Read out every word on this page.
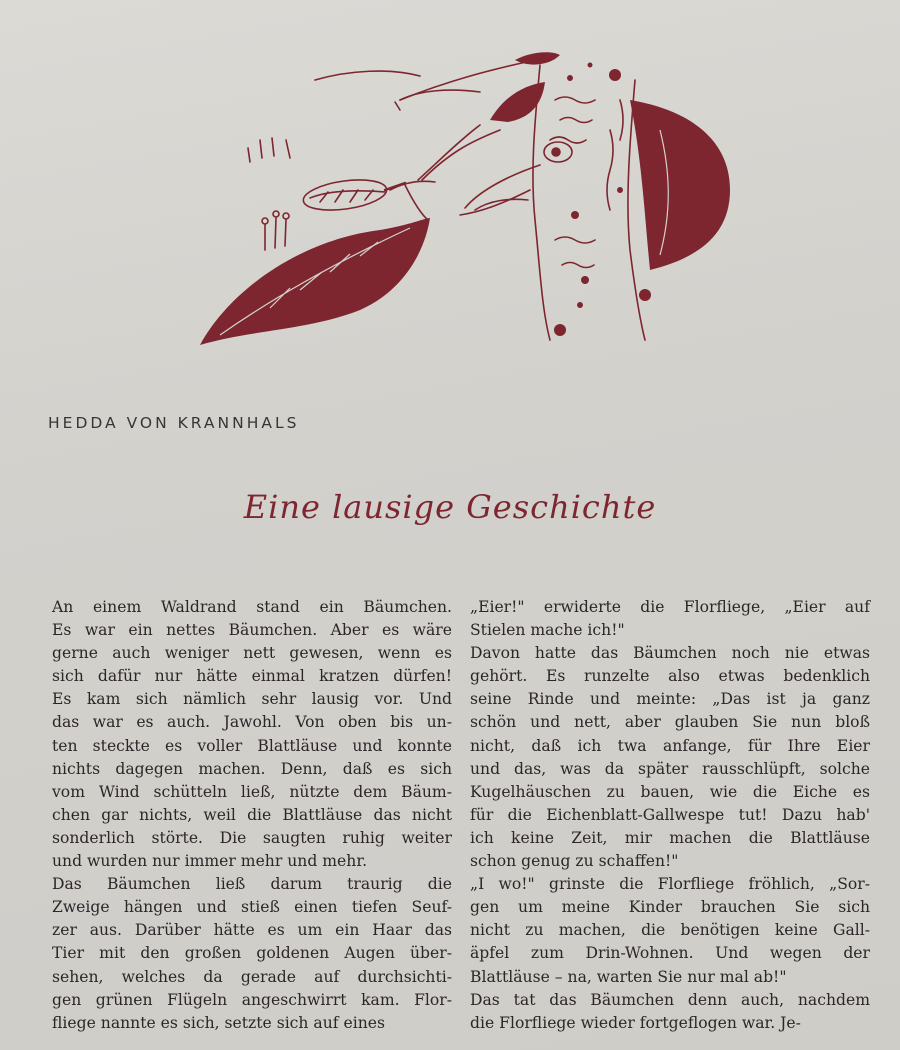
HEDDA VON KRANNHALS

Eine lausige Geschichte
An einem Waldrand stand ein Bäumchen.
Es war ein nettes Bäumchen. Aber es wäre
gerne auch weniger nett gewesen, wenn es
sich dafür nur hätte einmal kratzen dürfen!
Es kam sich nämlich sehr lausig vor. Und
das war es auch. Jawohl. Von oben bis un-
ten steckte es voller Blattläuse und konnte
nichts dagegen machen. Denn, daß es sich
vom Wind schütteln ließ, nützte dem Bäum-
chen gar nichts, weil die Blattläuse das nicht
sonderlich störte. Die saugten ruhig weiter
und wurden nur immer mehr und mehr.
Das Bäumchen ließ darum traurig die
Zweige hängen und stieß einen tiefen Seuf-
zer aus. Darüber hätte es um ein Haar das
Tier mit den großen goldenen Augen über-
sehen, welches da gerade auf durchsichti-
gen grünen Flügeln angeschwirrt kam. Flor-
fliege nannte es sich, setzte sich auf eines
„Eier!" erwiderte die Florfliege, „Eier auf
Stielen mache ich!"
Davon hatte das Bäumchen noch nie etwas
gehört. Es runzelte also etwas bedenklich
seine Rinde und meinte: „Das ist ja ganz
schön und nett, aber glauben Sie nun bloß
nicht, daß ich twa anfange, für Ihre Eier
und das, was da später rausschlüpft, solche
Kugelhäuschen zu bauen, wie die Eiche es
für die Eichenblatt-Gallwespe tut! Dazu hab'
ich keine Zeit, mir machen die Blattläuse
schon genug zu schaffen!"
„I wo!" grinste die Florfliege fröhlich, „Sor-
gen um meine Kinder brauchen Sie sich
nicht zu machen, die benötigen keine Gall-
äpfel zum Drin-Wohnen. Und wegen der
Blattläuse – na, warten Sie nur mal ab!"
Das tat das Bäumchen denn auch, nachdem
die Florfliege wieder fortgeflogen war. Je-
